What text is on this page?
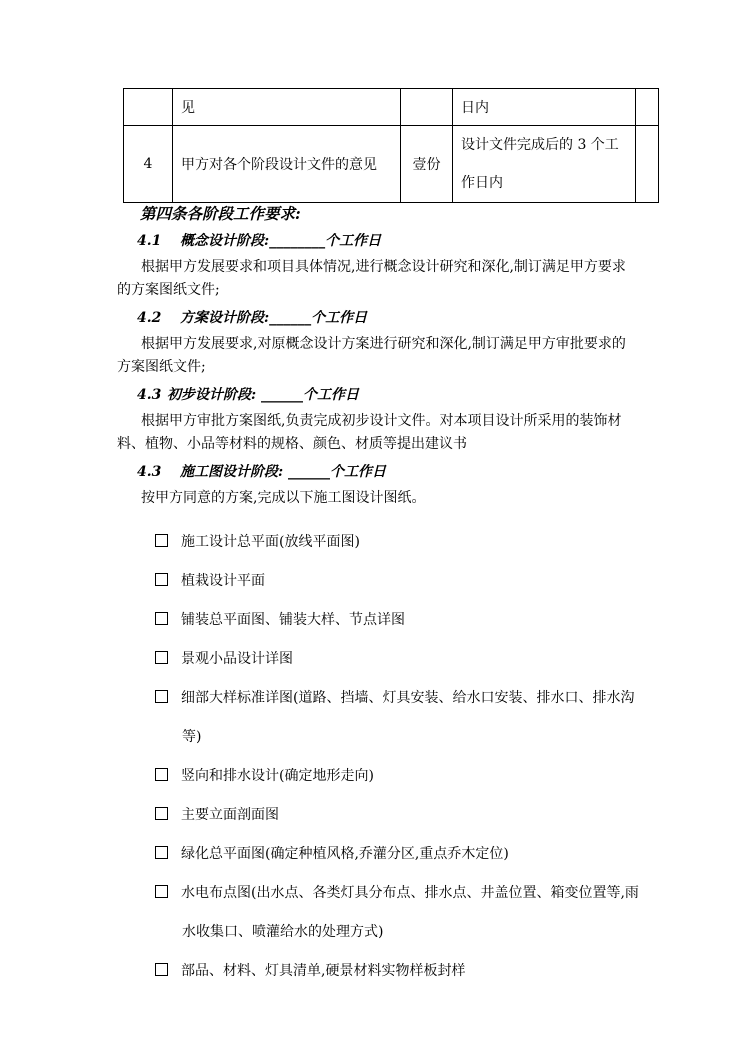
	见		日内	
4	甲方对各个阶段设计文件的意见	壹份	设计文件完成后的 3 个工作日内	
第四条各阶段工作要求:
4.1 概念设计阶段:________个工作日
根据甲方发展要求和项目具体情况,进行概念设计研究和深化,制订满足甲方要求的方案图纸文件;
4.2 方案设计阶段:______个工作日
根据甲方发展要求,对原概念设计方案进行研究和深化,制订满足甲方审批要求的方案图纸文件;
4.3 初步设计阶段: ______个工作日
根据甲方审批方案图纸,负责完成初步设计文件。对本项目设计所采用的装饰材料、植物、小品等材料的规格、颜色、材质等提出建议书
4.3 施工图设计阶段: ______个工作日
按甲方同意的方案,完成以下施工图设计图纸。
施工设计总平面(放线平面图)
植栽设计平面
铺装总平面图、铺装大样、节点详图
景观小品设计详图
细部大样标准详图(道路、挡墙、灯具安装、给水口安装、排水口、排水沟等)
竖向和排水设计(确定地形走向)
主要立面剖面图
绿化总平面图(确定种植风格,乔灌分区,重点乔木定位)
水电布点图(出水点、各类灯具分布点、排水点、井盖位置、箱变位置等,雨水收集口、喷灌给水的处理方式)
部品、材料、灯具清单,硬景材料实物样板封样
